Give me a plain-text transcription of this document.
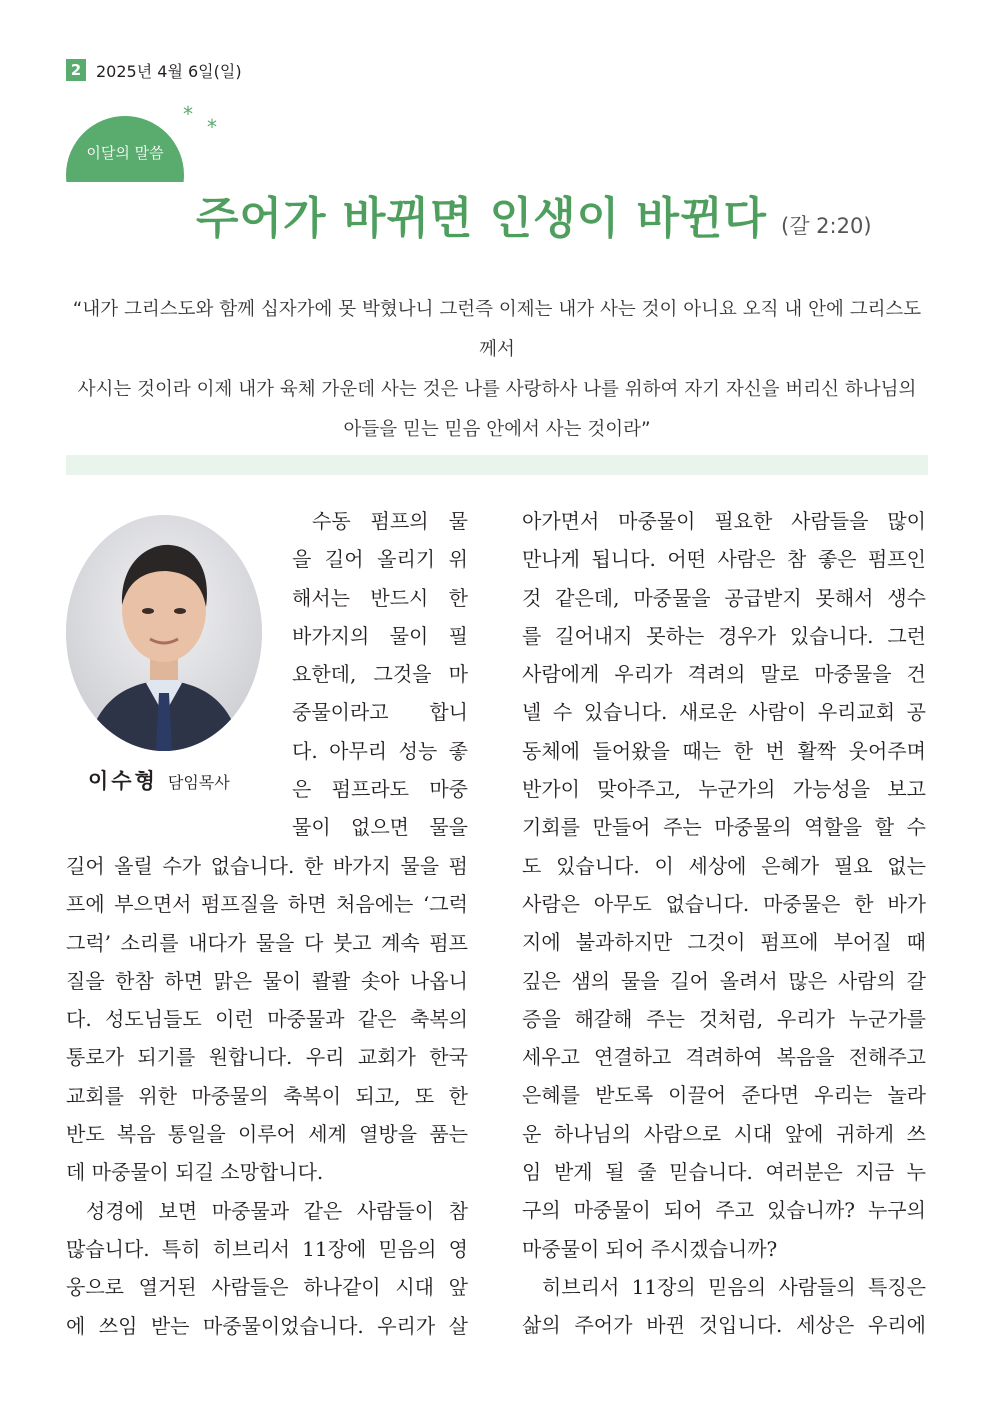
2 2025년 4월 6일(일)
이달의 말씀
*
*
주어가 바뀌면 인생이 바뀐다 (갈 2:20)
“내가 그리스도와 함께 십자가에 못 박혔나니 그런즉 이제는 내가 사는 것이 아니요 오직 내 안에 그리스도께서
사시는 것이라 이제 내가 육체 가운데 사는 것은 나를 사랑하사 나를 위하여 자기 자신을 버리신 하나님의
아들을 믿는 믿음 안에서 사는 것이라”
이수형 담임목사
수동 펌프의 물
을 길어 올리기 위
해서는 반드시 한
바가지의 물이 필
요한데, 그것을 마
중물이라고 합니
다. 아무리 성능 좋
은 펌프라도 마중
물이 없으면 물을
길어 올릴 수가 없습니다. 한 바가지 물을 펌
프에 부으면서 펌프질을 하면 처음에는 ‘그럭
그럭’ 소리를 내다가 물을 다 붓고 계속 펌프
질을 한참 하면 맑은 물이 콸콸 솟아 나옵니
다. 성도님들도 이런 마중물과 같은 축복의
통로가 되기를 원합니다. 우리 교회가 한국
교회를 위한 마중물의 축복이 되고, 또 한
반도 복음 통일을 이루어 세계 열방을 품는
데 마중물이 되길 소망합니다.
성경에 보면 마중물과 같은 사람들이 참
많습니다. 특히 히브리서 11장에 믿음의 영
웅으로 열거된 사람들은 하나같이 시대 앞
에 쓰임 받는 마중물이었습니다. 우리가 살
아가면서 마중물이 필요한 사람들을 많이
만나게 됩니다. 어떤 사람은 참 좋은 펌프인
것 같은데, 마중물을 공급받지 못해서 생수
를 길어내지 못하는 경우가 있습니다. 그런
사람에게 우리가 격려의 말로 마중물을 건
넬 수 있습니다. 새로운 사람이 우리교회 공
동체에 들어왔을 때는 한 번 활짝 웃어주며
반가이 맞아주고, 누군가의 가능성을 보고
기회를 만들어 주는 마중물의 역할을 할 수
도 있습니다. 이 세상에 은혜가 필요 없는
사람은 아무도 없습니다. 마중물은 한 바가
지에 불과하지만 그것이 펌프에 부어질 때
깊은 샘의 물을 길어 올려서 많은 사람의 갈
증을 해갈해 주는 것처럼, 우리가 누군가를
세우고 연결하고 격려하여 복음을 전해주고
은혜를 받도록 이끌어 준다면 우리는 놀라
운 하나님의 사람으로 시대 앞에 귀하게 쓰
임 받게 될 줄 믿습니다. 여러분은 지금 누
구의 마중물이 되어 주고 있습니까? 누구의
마중물이 되어 주시겠습니까?
히브리서 11장의 믿음의 사람들의 특징은
삶의 주어가 바뀐 것입니다. 세상은 우리에
